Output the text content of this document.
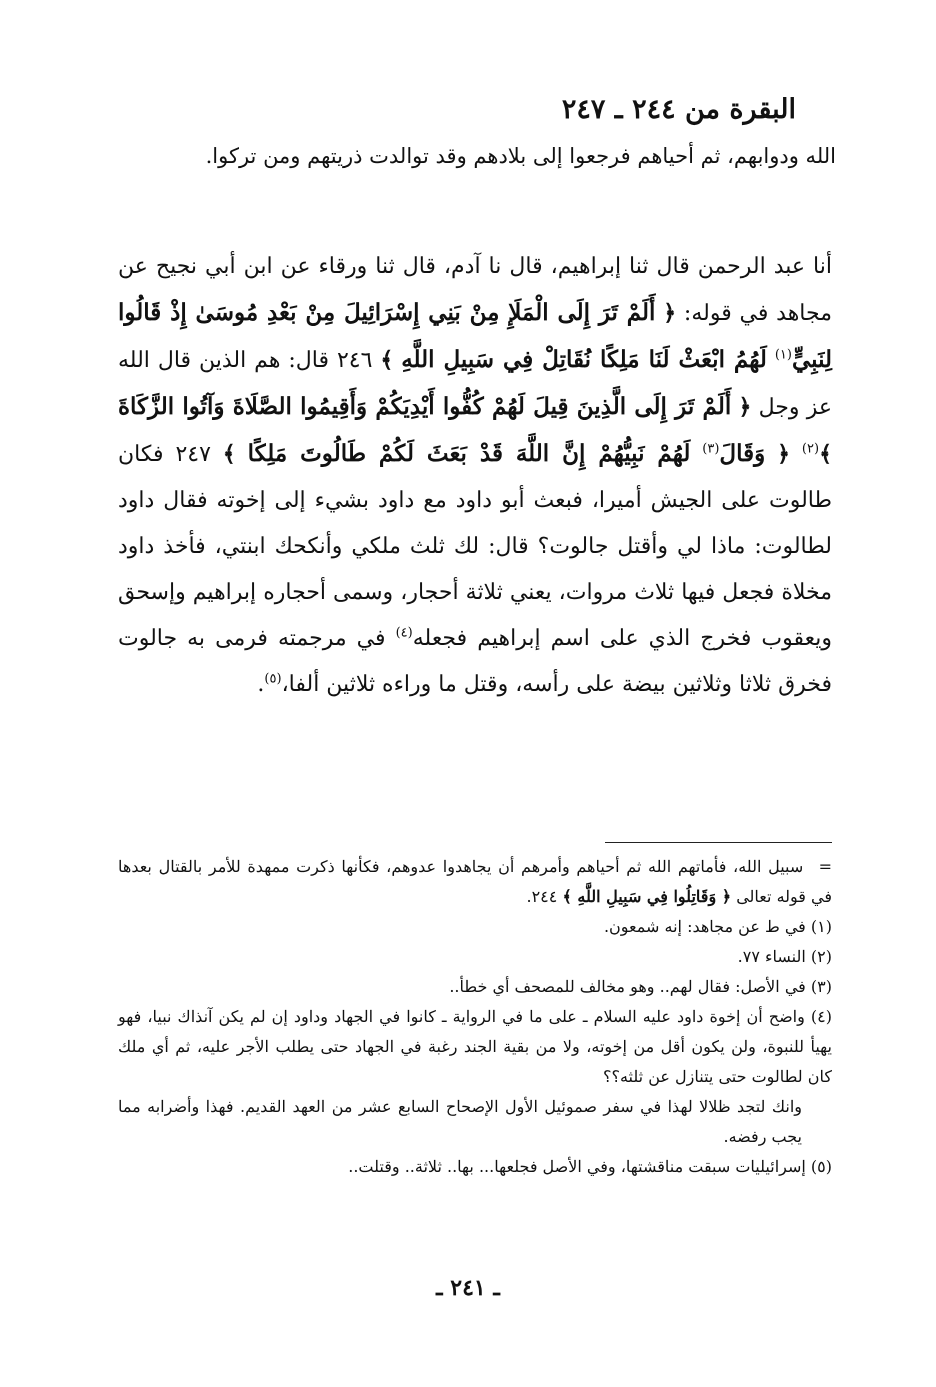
البقرة من ٢٤٤ ـ ٢٤٧
الله ودوابهم، ثم أحياهم فرجعوا إلى بلادهم وقد توالدت ذريتهم ومن تركوا.

أنا عبد الرحمن قال ثنا إبراهيم، قال نا آدم، قال ثنا ورقاء عن ابن أبي نجيح عن مجاهد في قوله: ﴿ أَلَمْ تَرَ إِلَى الْمَلَإِ مِنْ بَنِي إِسْرَائِيلَ مِنْ بَعْدِ مُوسَىٰ إِذْ قَالُوا لِنَبِيٍّ$^{(١)}$ لَهُمُ ابْعَثْ لَنَا مَلِكًا نُقَاتِلْ فِي سَبِيلِ اللَّهِ ﴾ ٢٤٦ قال: هم الذين قال الله عز وجل ﴿ أَلَمْ تَرَ إِلَى الَّذِينَ قِيلَ لَهُمْ كُفُّوا أَيْدِيَكُمْ وَأَقِيمُوا الصَّلَاةَ وَآتُوا الزَّكَاةَ ﴾$^{(٢)}$ ﴿ وَقَالَ$^{(٣)}$ لَهُمْ نَبِيُّهُمْ إِنَّ اللَّهَ قَدْ بَعَثَ لَكُمْ طَالُوتَ مَلِكًا ﴾ ٢٤٧ فكان طالوت على الجيش أميرا، فبعث أبو داود مع داود بشيء إلى إخوته فقال داود لطالوت: ماذا لي وأقتل جالوت؟ قال: لك ثلث ملكي وأنكحك ابنتي، فأخذ داود مخلاة فجعل فيها ثلاث مروات، يعني ثلاثة أحجار، وسمى أحجاره إبراهيم وإسحق ويعقوب فخرج الذي على اسم إبراهيم فجعله$^{(٤)}$ في مرجمته فرمى به جالوت فخرق ثلاثا وثلاثين بيضة على رأسه، وقتل ما وراءه ثلاثين ألفا،$^{(٥)}$.

= سبيل الله، فأماتهم الله ثم أحياهم وأمرهم أن يجاهدوا عدوهم، فكأنها ذكرت ممهدة للأمر بالقتال بعدها في قوله تعالى ﴿ وَقَاتِلُوا فِي سَبِيلِ اللَّهِ ﴾ ٢٤٤.

(١) في ط عن مجاهد: إنه شمعون.

(٢) النساء ٧٧.

(٣) في الأصل: فقال لهم.. وهو مخالف للمصحف أي خطأ..

(٤) واضح أن إخوة داود عليه السلام ـ على ما في الرواية ـ كانوا في الجهاد وداود إن لم يكن آنذاك نبيا، فهو يهيأ للنبوة، ولن يكون أقل من إخوته، ولا من بقية الجند رغبة في الجهاد حتى يطلب الأجر عليه، ثم أي ملك كان لطالوت حتى يتنازل عن ثلثه؟؟

وانك لتجد ظلالا لهذا في سفر صموئيل الأول الإصحاح السابع عشر من العهد القديم. فهذا وأضرابه مما يجب رفضه.

(٥) إسرائيليات سبقت مناقشتها، وفي الأصل فجلعها... بها.. ثلاثة.. وقتلت..

ـ ٢٤١ ـ
